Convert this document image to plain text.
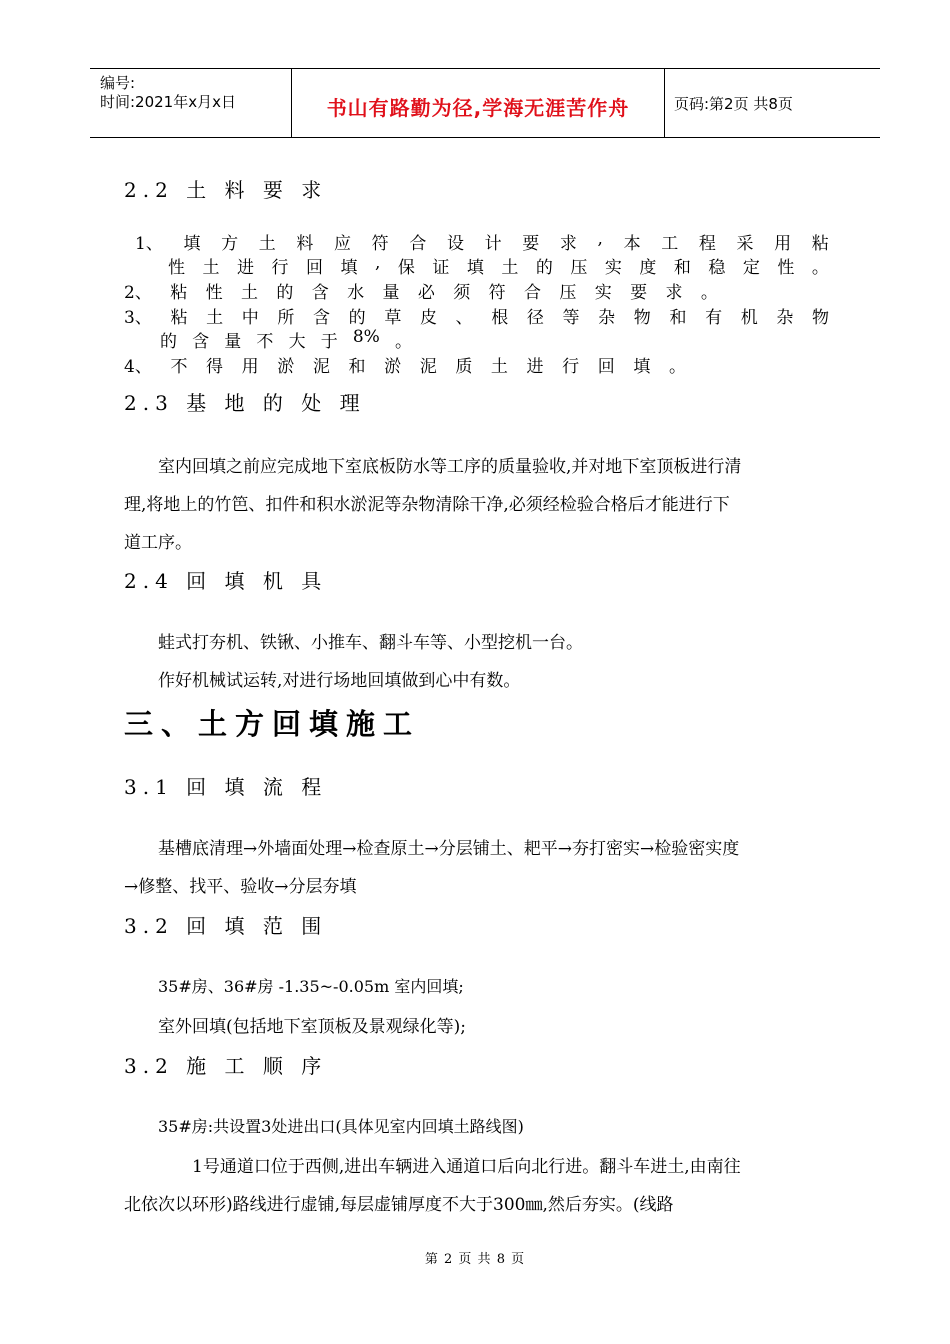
编号:
时间:2021年x月x日	书山有路勤为径,学海无涯苦作舟	页码:第2页 共8页
2.2 土 料 要 求
1、 填 方 土 料 应 符 合 设 计 要 求 , 本 工 程 采 用 粘
性 土 进 行 回 填 , 保 证 填 土 的 压 实 度 和 稳 定 性 。
2、 粘 性 土 的 含 水 量 必 须 符 合 压 实 要 求 。
3、 粘 土 中 所 含 的 草 皮 、 根 径 等 杂 物 和 有 机 杂 物
的 含 量 不 大 于 8% 。
4、 不 得 用 淤 泥 和 淤 泥 质 土 进 行 回 填 。
2.3 基 地 的 处 理
室内回填之前应完成地下室底板防水等工序的质量验收,并对地下室顶板进行清
理,将地上的竹笆、扣件和积水淤泥等杂物清除干净,必须经检验合格后才能进行下
道工序。
2.4 回 填 机 具
蛙式打夯机、铁锹、小推车、翻斗车等、小型挖机一台。
作好机械试运转,对进行场地回填做到心中有数。
三、土方回填施工
3.1 回 填 流 程
基槽底清理→外墙面处理→检查原土→分层铺土、耙平→夯打密实→检验密实度
→修整、找平、验收→分层夯填
3.2 回 填 范 围
35#房、36#房 -1.35~-0.05m 室内回填;
室外回填(包括地下室顶板及景观绿化等);
3.2 施 工 顺 序
35#房:共设置3处进出口(具体见室内回填土路线图)
1号通道口位于西侧,进出车辆进入通道口后向北行进。翻斗车进土,由南往
北依次以环形)路线进行虚铺,每层虚铺厚度不大于300㎜,然后夯实。(线路
第 2 页 共 8 页
